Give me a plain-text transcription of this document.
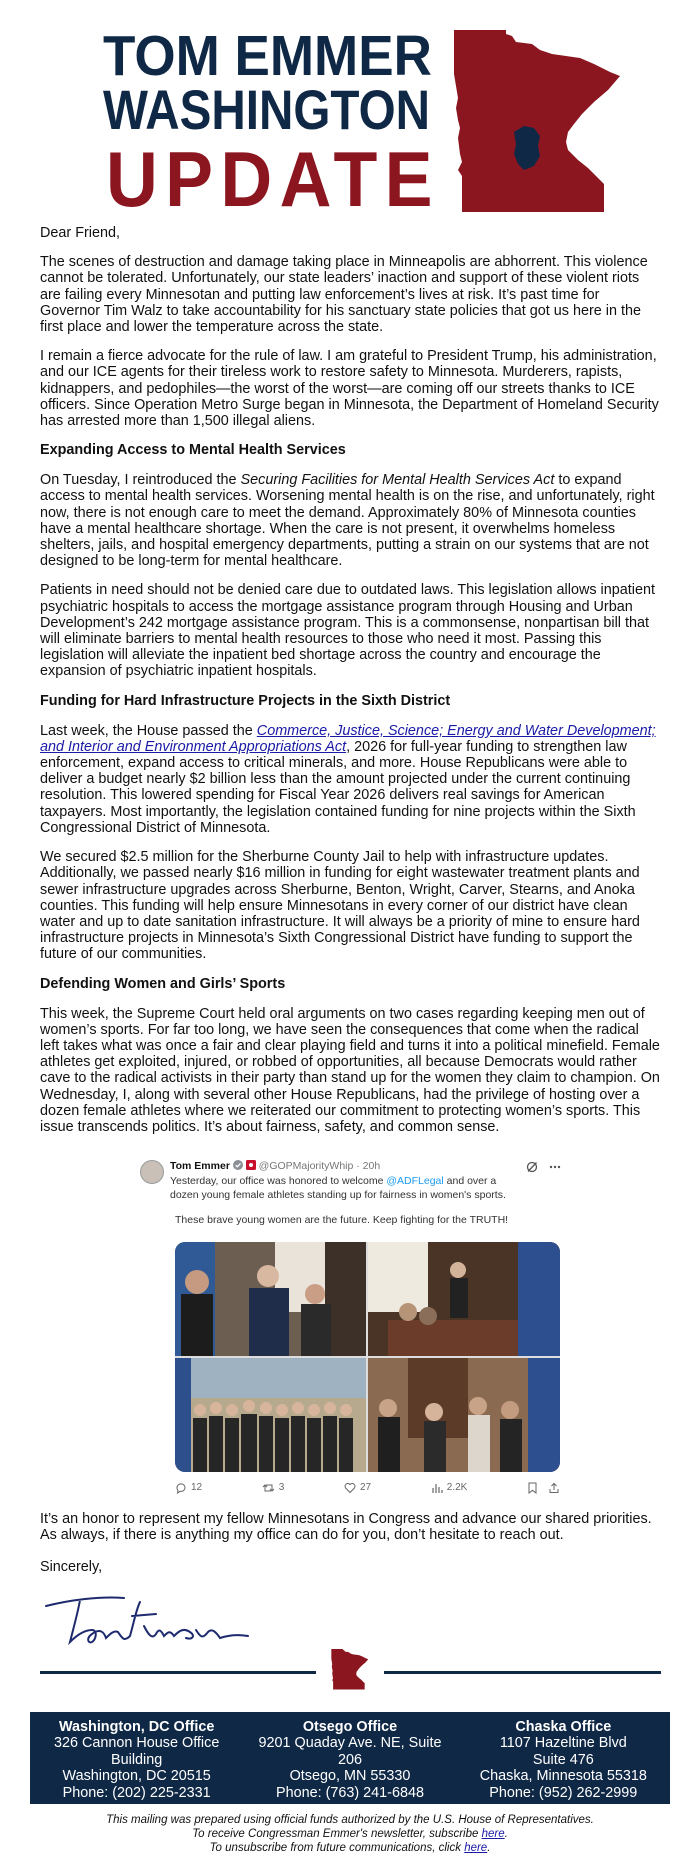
TOM EMMER
WASHINGTON
UPDATE

Dear Friend,

The scenes of destruction and damage taking place in Minneapolis are abhorrent. This violence cannot be tolerated. Unfortunately, our state leaders’ inaction and support of these violent riots are failing every Minnesotan and putting law enforcement’s lives at risk. It’s past time for Governor Tim Walz to take accountability for his sanctuary state policies that got us here in the first place and lower the temperature across the state.

I remain a fierce advocate for the rule of law. I am grateful to President Trump, his administration, and our ICE agents for their tireless work to restore safety to Minnesota. Murderers, rapists, kidnappers, and pedophiles—the worst of the worst—are coming off our streets thanks to ICE officers. Since Operation Metro Surge began in Minnesota, the Department of Homeland Security has arrested more than 1,500 illegal aliens.

Expanding Access to Mental Health Services

On Tuesday, I reintroduced the Securing Facilities for Mental Health Services Act to expand access to mental health services. Worsening mental health is on the rise, and unfortunately, right now, there is not enough care to meet the demand. Approximately 80% of Minnesota counties have a mental healthcare shortage. When the care is not present, it overwhelms homeless shelters, jails, and hospital emergency departments, putting a strain on our systems that are not designed to be long-term for mental healthcare.

Patients in need should not be denied care due to outdated laws. This legislation allows inpatient psychiatric hospitals to access the mortgage assistance program through Housing and Urban Development’s 242 mortgage assistance program. This is a commonsense, nonpartisan bill that will eliminate barriers to mental health resources to those who need it most. Passing this legislation will alleviate the inpatient bed shortage across the country and encourage the expansion of psychiatric inpatient hospitals.

Funding for Hard Infrastructure Projects in the Sixth District

Last week, the House passed the Commerce, Justice, Science; Energy and Water Development; and Interior and Environment Appropriations Act, 2026 for full-year funding to strengthen law enforcement, expand access to critical minerals, and more. House Republicans were able to deliver a budget nearly $2 billion less than the amount projected under the current continuing resolution. This lowered spending for Fiscal Year 2026 delivers real savings for American taxpayers. Most importantly, the legislation contained funding for nine projects within the Sixth Congressional District of Minnesota.

We secured $2.5 million for the Sherburne County Jail to help with infrastructure updates. Additionally, we passed nearly $16 million in funding for eight wastewater treatment plants and sewer infrastructure upgrades across Sherburne, Benton, Wright, Carver, Stearns, and Anoka counties. This funding will help ensure Minnesotans in every corner of our district have clean water and up to date sanitation infrastructure. It will always be a priority of mine to ensure hard infrastructure projects in Minnesota’s Sixth Congressional District have funding to support the future of our communities.

Defending Women and Girls’ Sports

This week, the Supreme Court held oral arguments on two cases regarding keeping men out of women’s sports. For far too long, we have seen the consequences that come when the radical left takes what was once a fair and clear playing field and turns it into a political minefield. Female athletes get exploited, injured, or robbed of opportunities, all because Democrats would rather cave to the radical activists in their party than stand up for the women they claim to champion. On Wednesday, I, along with several other House Republicans, had the privilege of hosting over a dozen female athletes where we reiterated our commitment to protecting women’s sports. This issue transcends politics. It’s about fairness, safety, and common sense.

Tom Emmer	@GOPMajorityWhip · 20h
Yesterday, our office was honored to welcome @ADFLegal and over a dozen young female athletes standing up for fairness in women's sports.
These brave young women are the future. Keep fighting for the TRUTH!
12	3	27	2.2K

It’s an honor to represent my fellow Minnesotans in Congress and advance our shared priorities. As always, if there is anything my office can do for you, don’t hesitate to reach out.

Sincerely,

Washington, DC Office
326 Cannon House Office
Building
Washington, DC 20515
Phone: (202) 225-2331
Otsego Office
9201 Quaday Ave. NE, Suite
206
Otsego, MN 55330
Phone: (763) 241-6848
Chaska Office
1107 Hazeltine Blvd
Suite 476
Chaska, Minnesota 55318
Phone: (952) 262-2999
This mailing was prepared using official funds authorized by the U.S. House of Representatives.
To receive Congressman Emmer's newsletter, subscribe here.
To unsubscribe from future communications, click here.
